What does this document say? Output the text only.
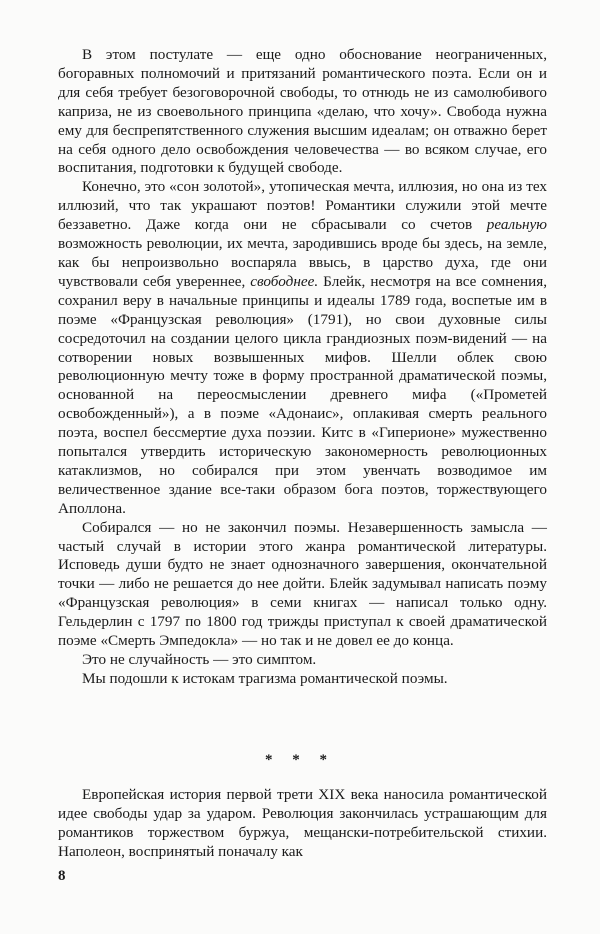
В этом постулате — еще одно обоснование неограниченных, богоравных полномочий и притязаний романтического поэта. Если он и для себя требует безоговорочной свободы, то отнюдь не из самолюбивого каприза, не из своевольного принципа «делаю, что хочу». Свобода нужна ему для беспрепятственного служения высшим идеалам; он отважно берет на себя одного дело освобождения человечества — во всяком случае, его воспитания, подготовки к будущей свободе.

Конечно, это «сон золотой», утопическая мечта, иллюзия, но она из тех иллюзий, что так украшают поэтов! Романтики служили этой мечте беззаветно. Даже когда они не сбрасывали со счетов реальную возможность революции, их мечта, зародившись вроде бы здесь, на земле, как бы непроизвольно воспаряла ввысь, в царство духа, где они чувствовали себя увереннее, свободнее. Блейк, несмотря на все сомнения, сохранил веру в начальные принципы и идеалы 1789 года, воспетые им в поэме «Французская революция» (1791), но свои духовные силы сосредоточил на создании целого цикла грандиозных поэм-видений — на сотворении новых возвышенных мифов. Шелли облек свою революционную мечту тоже в форму пространной драматической поэмы, основанной на переосмыслении древнего мифа («Прометей освобожденный»), а в поэме «Адонаис», оплакивая смерть реального поэта, воспел бессмертие духа поэзии. Китс в «Гиперионе» мужественно попытался утвердить историческую закономерность революционных катаклизмов, но собирался при этом увенчать возводимое им величественное здание все-таки образом бога поэтов, торжествующего Аполлона.

Собирался — но не закончил поэмы. Незавершенность замысла — частый случай в истории этого жанра романтической литературы. Исповедь души будто не знает однозначного завершения, окончательной точки — либо не решается до нее дойти. Блейк задумывал написать поэму «Французская революция» в семи книгах — написал только одну. Гельдерлин с 1797 по 1800 год трижды приступал к своей драматической поэме «Смерть Эмпедокла» — но так и не довел ее до конца.

Это не случайность — это симптом.

Мы подошли к истокам трагизма романтической поэмы.

* * *

Европейская история первой трети XIX века наносила романтической идее свободы удар за ударом. Революция закончилась устрашающим для романтиков торжеством буржуа, мещански-потребительской стихии. Наполеон, воспринятый поначалу как

8
